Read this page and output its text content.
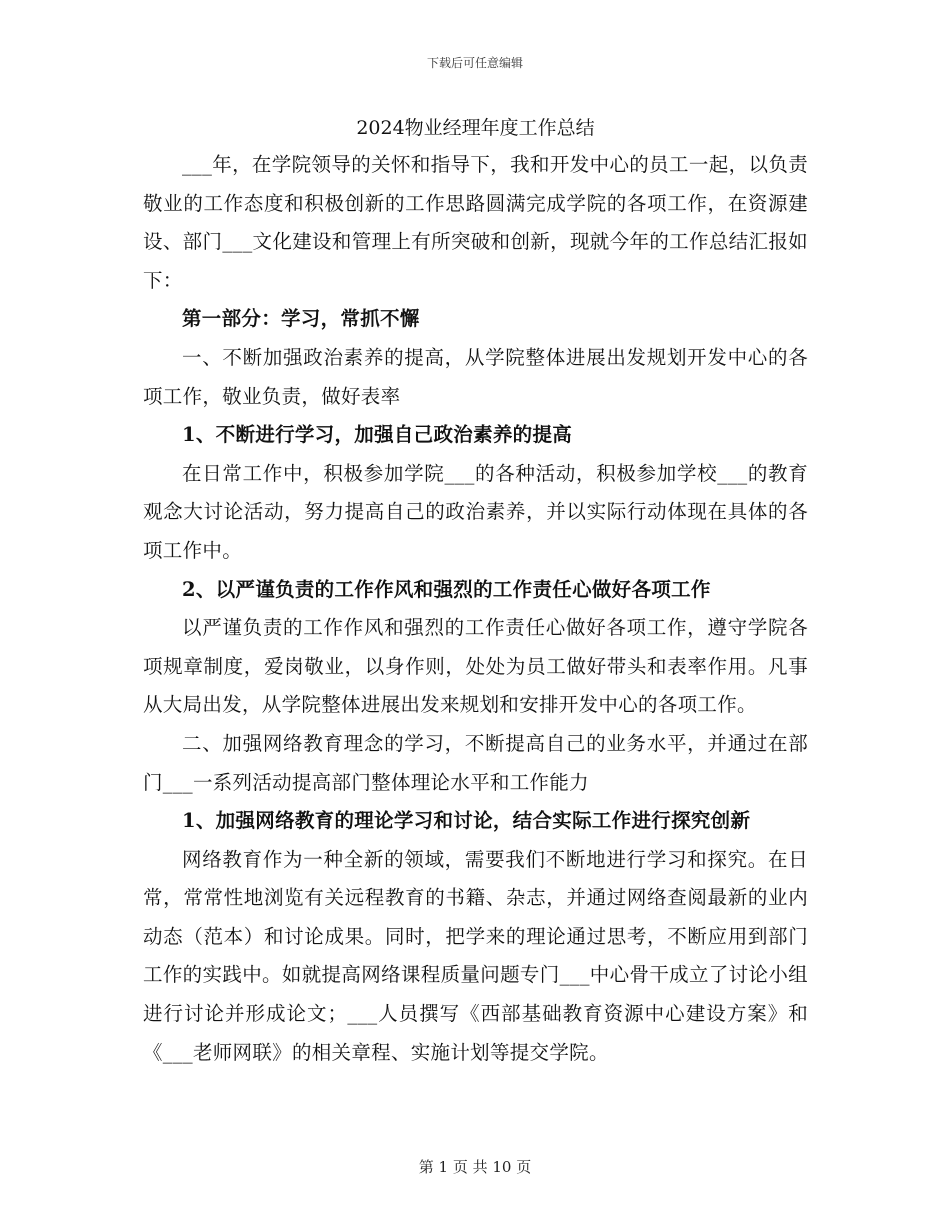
下载后可任意编辑
2024物业经理年度工作总结

___年，在学院领导的关怀和指导下，我和开发中心的员工一起，以负责敬业的工作态度和积极创新的工作思路圆满完成学院的各项工作，在资源建设、部门___文化建设和管理上有所突破和创新，现就今年的工作总结汇报如下：

第一部分：学习，常抓不懈

一、不断加强政治素养的提高，从学院整体进展出发规划开发中心的各项工作，敬业负责，做好表率

1、不断进行学习，加强自己政治素养的提高

在日常工作中，积极参加学院___的各种活动，积极参加学校___的教育观念大讨论活动，努力提高自己的政治素养，并以实际行动体现在具体的各项工作中。

2、以严谨负责的工作作风和强烈的工作责任心做好各项工作

以严谨负责的工作作风和强烈的工作责任心做好各项工作，遵守学院各项规章制度，爱岗敬业，以身作则，处处为员工做好带头和表率作用。凡事从大局出发，从学院整体进展出发来规划和安排开发中心的各项工作。

二、加强网络教育理念的学习，不断提高自己的业务水平，并通过在部门___一系列活动提高部门整体理论水平和工作能力

1、加强网络教育的理论学习和讨论，结合实际工作进行探究创新

网络教育作为一种全新的领域，需要我们不断地进行学习和探究。在日常，常常性地浏览有关远程教育的书籍、杂志，并通过网络查阅最新的业内动态（范本）和讨论成果。同时，把学来的理论通过思考，不断应用到部门工作的实践中。如就提高网络课程质量问题专门___中心骨干成立了讨论小组进行讨论并形成论文；___人员撰写《西部基础教育资源中心建设方案》和《___老师网联》的相关章程、实施计划等提交学院。

第 1 页 共 10 页
